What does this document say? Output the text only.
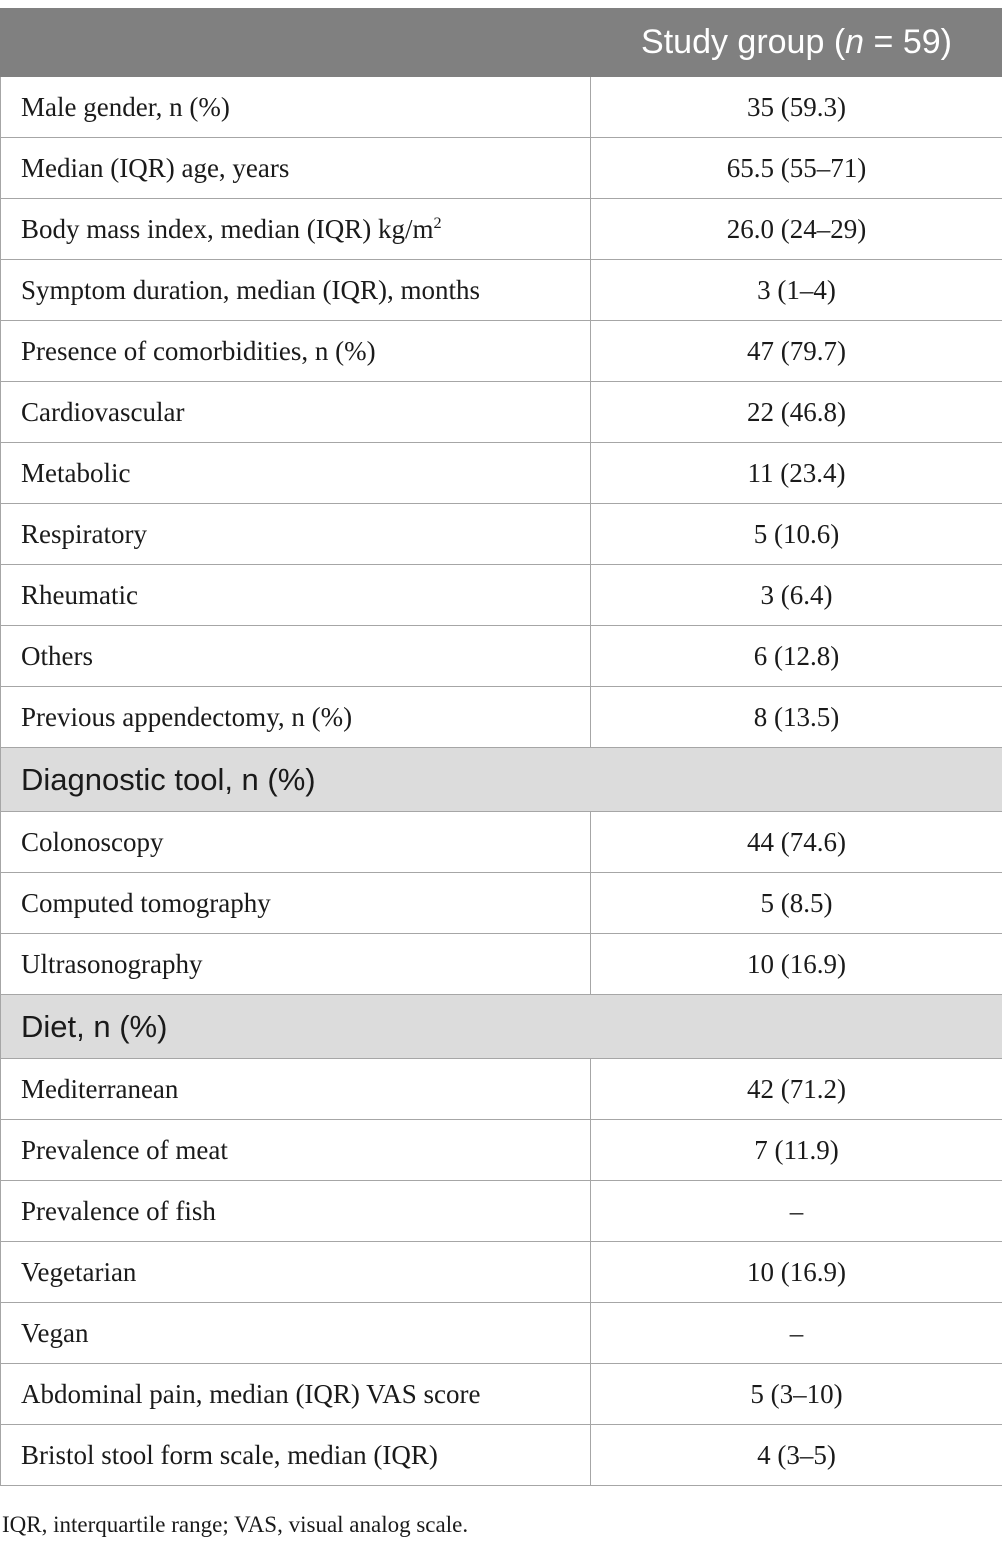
	Study group (n = 59)
Male gender, n (%)	35 (59.3)
Median (IQR) age, years	65.5 (55–71)
Body mass index, median (IQR) $kg/m^2$	26.0 (24–29)
Symptom duration, median (IQR), months	3 (1–4)
Presence of comorbidities, n (%)	47 (79.7)
Cardiovascular	22 (46.8)
Metabolic	11 (23.4)
Respiratory	5 (10.6)
Rheumatic	3 (6.4)
Others	6 (12.8)
Previous appendectomy, n (%)	8 (13.5)
Diagnostic tool, n (%)	
Colonoscopy	44 (74.6)
Computed tomography	5 (8.5)
Ultrasonography	10 (16.9)
Diet, n (%)	
Mediterranean	42 (71.2)
Prevalence of meat	7 (11.9)
Prevalence of fish	–
Vegetarian	10 (16.9)
Vegan	–
Abdominal pain, median (IQR) VAS score	5 (3–10)
Bristol stool form scale, median (IQR)	4 (3–5)
IQR, interquartile range; VAS, visual analog scale.
